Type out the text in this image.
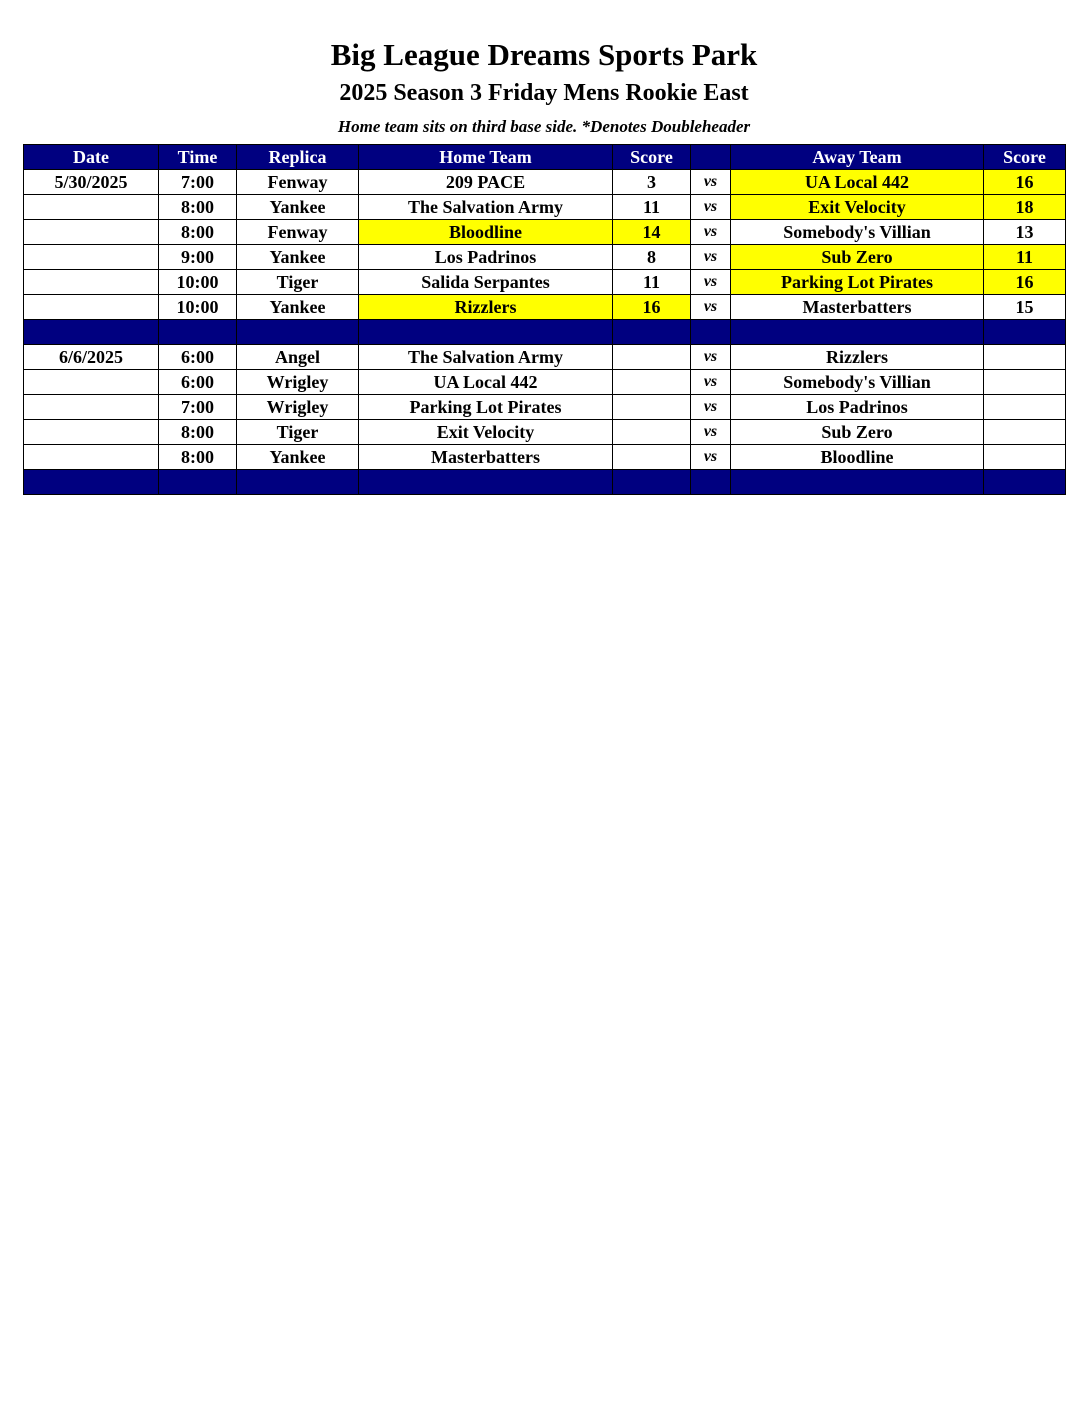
Big League Dreams Sports Park
2025 Season 3 Friday Mens Rookie East
Home team sits on third base side. *Denotes Doubleheader
Date	Time	Replica	Home Team	Score		Away Team	Score
5/30/2025	7:00	Fenway	209 PACE	3	vs	UA Local 442	16
	8:00	Yankee	The Salvation Army	11	vs	Exit Velocity	18
	8:00	Fenway	Bloodline	14	vs	Somebody's Villian	13
	9:00	Yankee	Los Padrinos	8	vs	Sub Zero	11
	10:00	Tiger	Salida Serpantes	11	vs	Parking Lot Pirates	16
	10:00	Yankee	Rizzlers	16	vs	Masterbatters	15

6/6/2025	6:00	Angel	The Salvation Army		vs	Rizzlers	
	6:00	Wrigley	UA Local 442		vs	Somebody's Villian	
	7:00	Wrigley	Parking Lot Pirates		vs	Los Padrinos	
	8:00	Tiger	Exit Velocity		vs	Sub Zero	
	8:00	Yankee	Masterbatters		vs	Bloodline	
